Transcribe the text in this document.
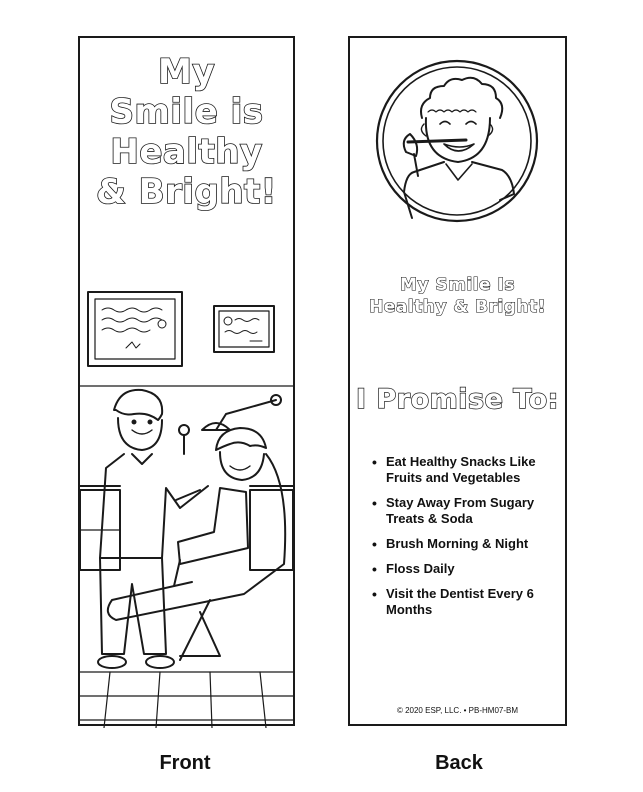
My
Smile is
Healthy
& Bright!
My Smile Is
Healthy & Bright!
I Promise To:
• Eat Healthy Snacks Like Fruits and Vegetables
• Stay Away From Sugary Treats & Soda
• Brush Morning & Night
• Floss Daily
• Visit the Dentist Every 6 Months
© 2020 ESP, LLC. • PB-HM07-BM
Front	Back
